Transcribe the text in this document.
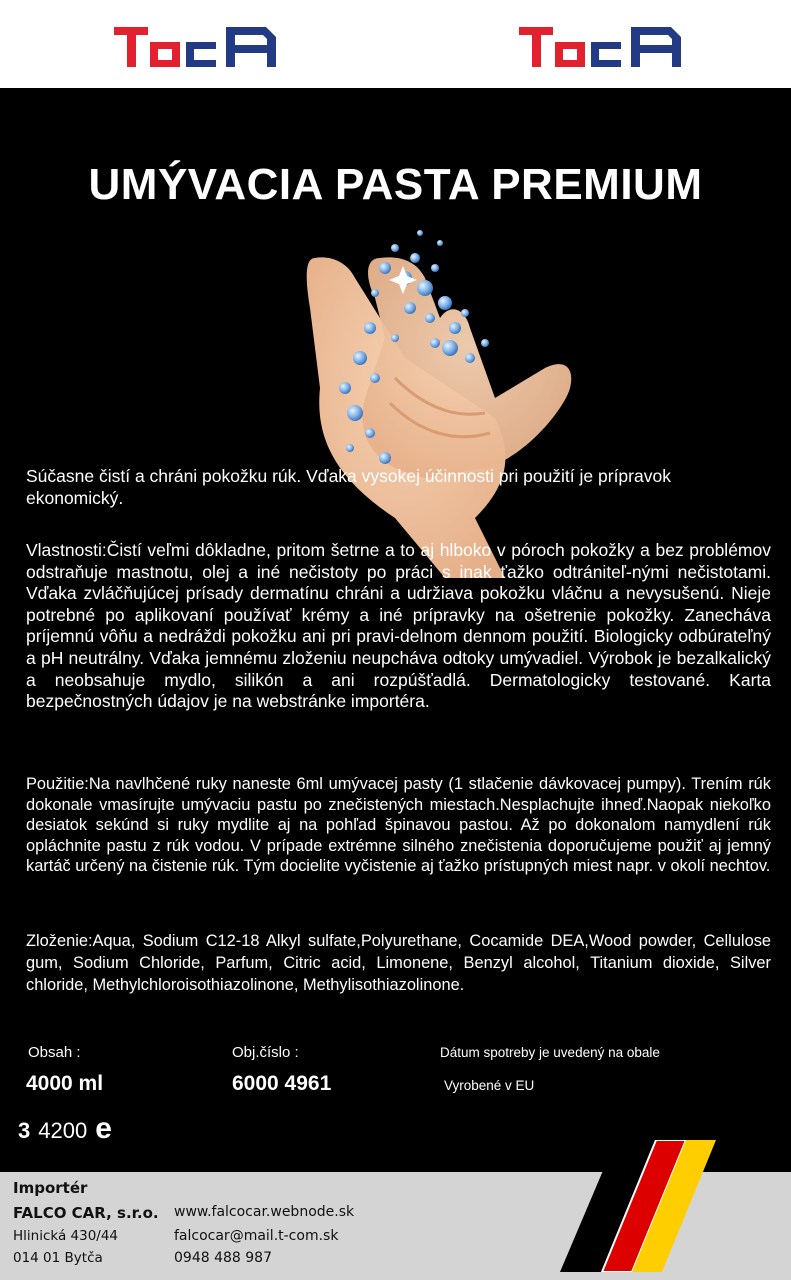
UMÝVACIA PASTA PREMIUM
Súčasne čistí a chráni pokožku rúk. Vďaka vysokej účinnosti pri použití je prípravok ekonomický.
Vlastnosti:Čistí veľmi dôkladne, pritom šetrne a to aj hlboko v póroch pokožky a bez problémov odstraňuje mastnotu, olej a iné nečistoty po práci s inak ťažko odtrániteľ-nými nečistotami. Vďaka zvláčňujúcej prísady dermatínu chráni a udržiava pokožku vláčnu a nevysušenú. Nieje potrebné po aplikovaní používať krémy a iné prípravky na ošetrenie pokožky. Zanecháva príjemnú vôňu a nedráždi pokožku ani pri pravi-delnom dennom použití. Biologicky odbúrateľný a pH neutrálny. Vďaka jemnému zloženiu neupcháva odtoky umývadiel. Výrobok je bezalkalický a neobsahuje mydlo, silikón a ani rozpúšťadlá. Dermatologicky testované. Karta bezpečnostných údajov je na webstránke importéra.
Použitie:Na navlhčené ruky naneste 6ml umývacej pasty (1 stlačenie dávkovacej pumpy). Trením rúk dokonale vmasírujte umývaciu pastu po znečistených miestach.Nesplachujte ihneď.Naopak niekoľko desiatok sekúnd si ruky mydlite aj na pohľad špinavou pastou. Až po dokonalom namydlení rúk opláchnite pastu z rúk vodou. V prípade extrémne silného znečistenia doporučujeme použiť aj jemný kartáč určený na čistenie rúk. Tým docielite vyčistenie aj ťažko prístupných miest napr. v okolí nechtov.
Zloženie:Aqua, Sodium C12-18 Alkyl sulfate,Polyurethane, Cocamide DEA,Wood powder, Cellulose gum, Sodium Chloride, Parfum, Citric acid, Limonene, Benzyl alcohol, Titanium dioxide, Silver chloride, Methylchloroisothiazolinone, Methylisothiazolinone.
Obsah :	Obj.číslo :	Dátum spotreby je uvedený na obale
4000 ml	6000 4961	Vyrobené v EU
3 4200 e
Importér
FALCO CAR, s.r.o.
Hlinická 430/44
014 01 Bytča
www.falcocar.webnode.sk
falcocar@mail.t-com.sk
0948 488 987
